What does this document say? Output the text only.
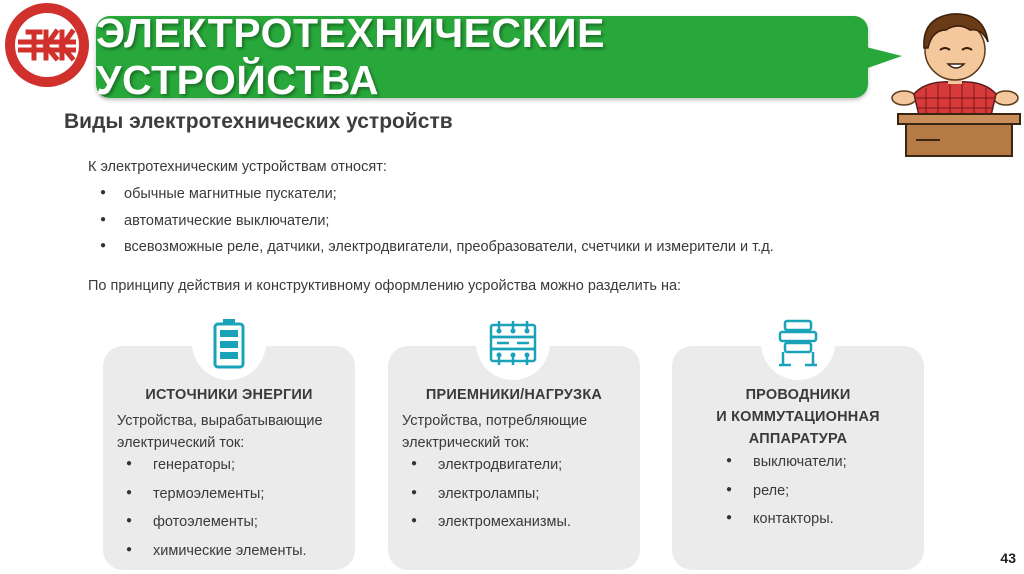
ЭЛЕКТРОТЕХНИЧЕСКИЕ УСТРОЙСТВА
Виды электротехнических устройств
К электротехническим устройствам относят:
● обычные магнитные пускатели;
● автоматические выключатели;
● всевозможные реле, датчики, электродвигатели, преобразователи, счетчики и измерители и т.д.
По принципу действия и конструктивному оформлению усройства можно разделить на:
ИСТОЧНИКИ ЭНЕРГИИ
Устройства, вырабатывающие
электрический ток:
● генераторы;
● термоэлементы;
● фотоэлементы;
● химические элементы.
ПРИЕМНИКИ/НАГРУЗКА
Устройства, потребляющие
электрический ток:
● электродвигатели;
● электролампы;
● электромеханизмы.
ПРОВОДНИКИ
И КОММУТАЦИОННАЯ
АППАРАТУРА
● выключатели;
● реле;
● контакторы.
43
